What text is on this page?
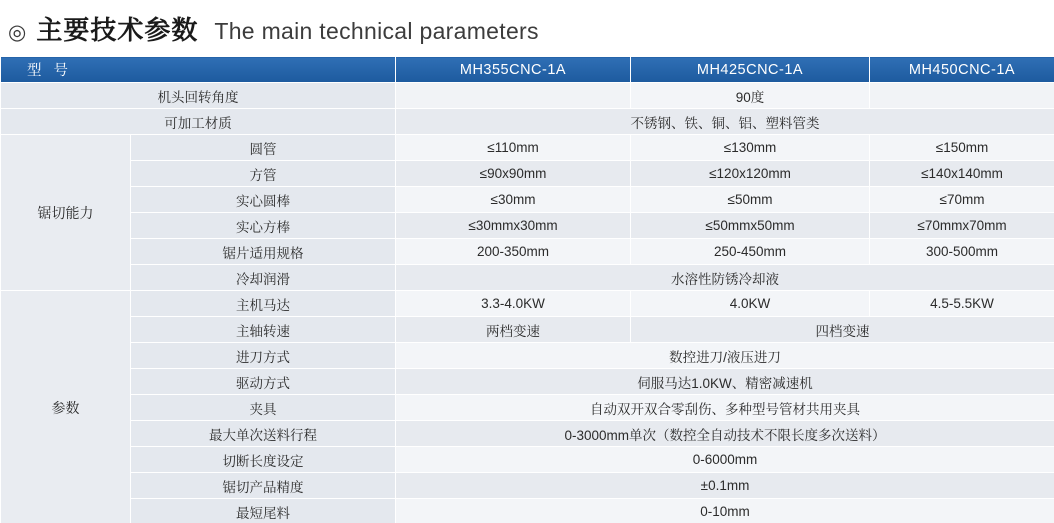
◎ 主要技术参数 The main technical parameters
型 号		MH355CNC-1A	MH425CNC-1A	MH450CNC-1A
机头回转角度			90度	
可加工材质		不锈钢、铁、铜、铝、塑料管类		
锯切能力	圆管	≤110mm	≤130mm	≤150mm
	方管	≤90x90mm	≤120x120mm	≤140x140mm
	实心圆棒	≤30mm	≤50mm	≤70mm
	实心方棒	≤30mmx30mm	≤50mmx50mm	≤70mmx70mm
	锯片适用规格	200-350mm	250-450mm	300-500mm
	冷却润滑	水溶性防锈冷却液		
参数	主机马达	3.3-4.0KW	4.0KW	4.5-5.5KW
	主轴转速	两档变速	四档变速	
	进刀方式	数控进刀/液压进刀		
	驱动方式	伺服马达1.0KW、精密减速机		
	夹具	自动双开双合零刮伤、多种型号管材共用夹具		
	最大单次送料行程	0-3000mm单次（数控全自动技术不限长度多次送料）		
	切断长度设定	0-6000mm		
	锯切产品精度	±0.1mm		
	最短尾料	0-10mm		
